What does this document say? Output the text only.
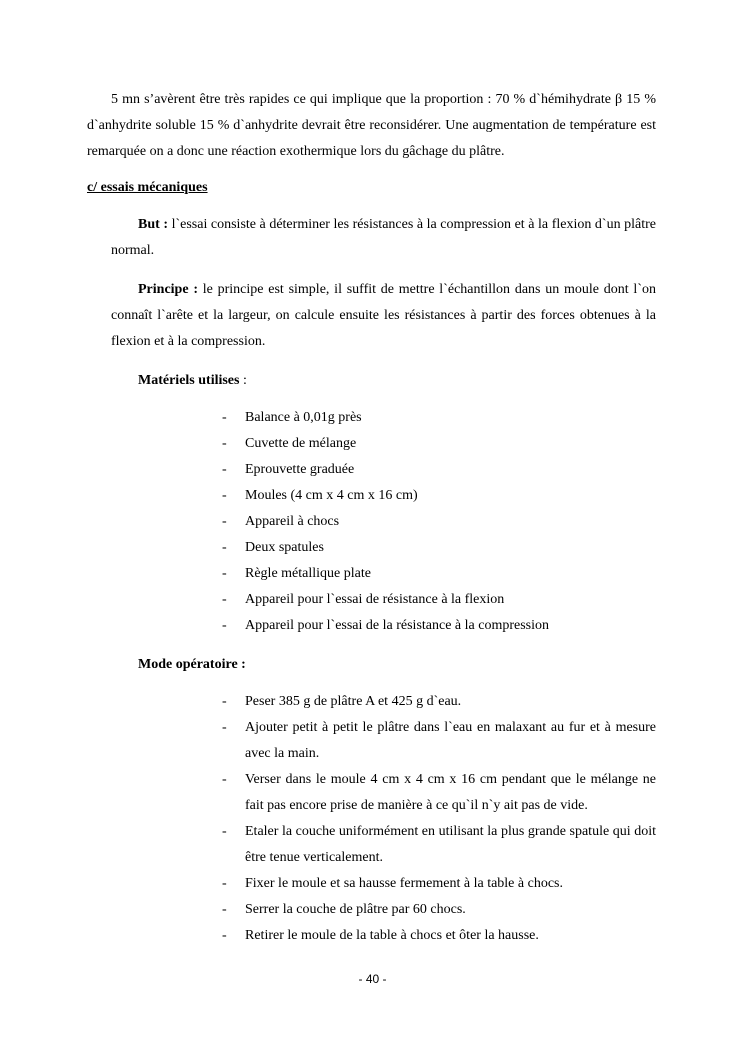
5 mn s’avèrent être très rapides ce qui implique que la proportion : 70 % d`hémihydrate β 15 % d`anhydrite soluble 15 % d`anhydrite devrait être reconsidérer. Une augmentation de température est remarquée on a donc une réaction exothermique lors du gâchage du plâtre.

c/ essais mécaniques

But : l`essai consiste à déterminer les résistances à la compression et à la flexion d`un plâtre normal.

Principe : le principe est simple, il suffit de mettre l`échantillon dans un moule dont l`on connaît l`arête et la largeur, on calcule ensuite les résistances à partir des forces obtenues à la flexion et à la compression.

Matériels utilises :
- Balance à 0,01g près
- Cuvette de mélange
- Eprouvette graduée
- Moules (4 cm x 4 cm x 16 cm)
- Appareil à chocs
- Deux spatules
- Règle métallique plate
- Appareil pour l`essai de résistance à la flexion
- Appareil pour l`essai de la résistance à la compression
Mode opératoire :
- Peser 385 g de plâtre A et 425 g d`eau.
- Ajouter petit à petit le plâtre dans l`eau en malaxant au fur et à mesure avec la main.
- Verser dans le moule 4 cm x 4 cm x 16 cm pendant que le mélange ne fait pas encore prise de manière à ce qu`il n`y ait pas de vide.
- Etaler la couche uniformément en utilisant la plus grande spatule qui doit être tenue verticalement.
- Fixer le moule et sa hausse fermement à la table à chocs.
- Serrer la couche de plâtre par 60 chocs.
- Retirer le moule de la table à chocs et ôter la hausse.
- 40 -
